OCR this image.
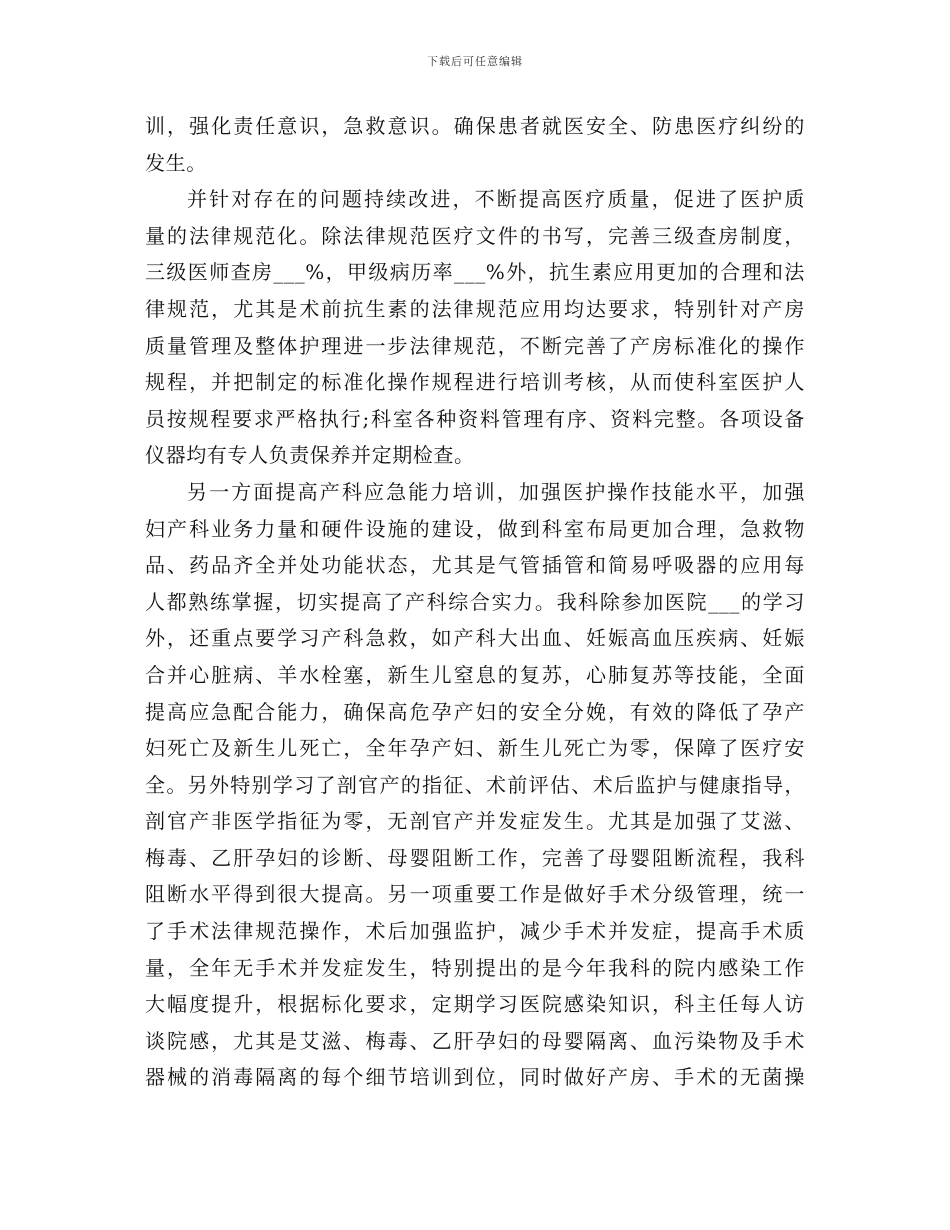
下载后可任意编辑

训，强化责任意识，急救意识。确保患者就医安全、防患医疗纠纷的
发生。

并针对存在的问题持续改进，不断提高医疗质量，促进了医护质
量的法律规范化。除法律规范医疗文件的书写，完善三级查房制度，
三级医师查房___%，甲级病历率___%外，抗生素应用更加的合理和法
律规范，尤其是术前抗生素的法律规范应用均达要求，特别针对产房
质量管理及整体护理进一步法律规范，不断完善了产房标准化的操作
规程，并把制定的标准化操作规程进行培训考核，从而使科室医护人
员按规程要求严格执行;科室各种资料管理有序、资料完整。各项设备
仪器均有专人负责保养并定期检查。

另一方面提高产科应急能力培训，加强医护操作技能水平，加强
妇产科业务力量和硬件设施的建设，做到科室布局更加合理，急救物
品、药品齐全并处功能状态，尤其是气管插管和简易呼吸器的应用每
人都熟练掌握，切实提高了产科综合实力。我科除参加医院___的学习
外，还重点要学习产科急救，如产科大出血、妊娠高血压疾病、妊娠
合并心脏病、羊水栓塞，新生儿窒息的复苏，心肺复苏等技能，全面
提高应急配合能力，确保高危孕产妇的安全分娩，有效的降低了孕产
妇死亡及新生儿死亡，全年孕产妇、新生儿死亡为零，保障了医疗安
全。另外特别学习了剖官产的指征、术前评估、术后监护与健康指导，
剖官产非医学指征为零，无剖官产并发症发生。尤其是加强了艾滋、
梅毒、乙肝孕妇的诊断、母婴阻断工作，完善了母婴阻断流程，我科
阻断水平得到很大提高。另一项重要工作是做好手术分级管理，统一
了手术法律规范操作，术后加强监护，减少手术并发症，提高手术质
量，全年无手术并发症发生，特别提出的是今年我科的院内感染工作
大幅度提升，根据标化要求，定期学习医院感染知识，科主任每人访
谈院感，尤其是艾滋、梅毒、乙肝孕妇的母婴隔离、血污染物及手术
器械的消毒隔离的每个细节培训到位，同时做好产房、手术的无菌操
